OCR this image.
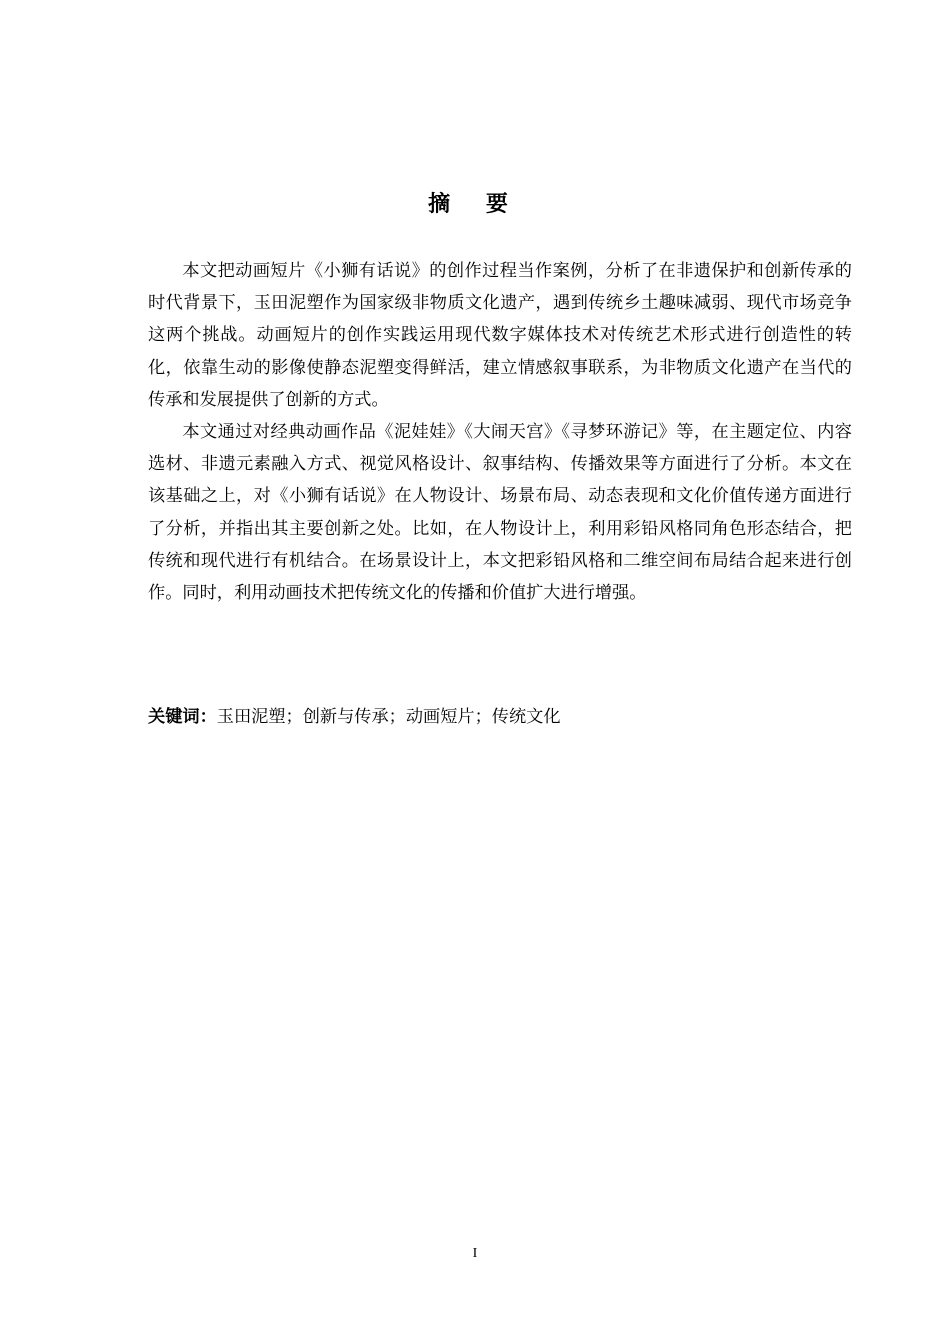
摘 要

本文把动画短片《小狮有话说》的创作过程当作案例，分析了在非遗保护和创新传承的时代背景下，玉田泥塑作为国家级非物质文化遗产，遇到传统乡土趣味减弱、现代市场竞争这两个挑战。动画短片的创作实践运用现代数字媒体技术对传统艺术形式进行创造性的转化，依靠生动的影像使静态泥塑变得鲜活，建立情感叙事联系，为非物质文化遗产在当代的传承和发展提供了创新的方式。

本文通过对经典动画作品《泥娃娃》《大闹天宫》《寻梦环游记》等，在主题定位、内容选材、非遗元素融入方式、视觉风格设计、叙事结构、传播效果等方面进行了分析。本文在该基础之上，对《小狮有话说》在人物设计、场景布局、动态表现和文化价值传递方面进行了分析，并指出其主要创新之处。比如，在人物设计上，利用彩铅风格同角色形态结合，把传统和现代进行有机结合。在场景设计上，本文把彩铅风格和二维空间布局结合起来进行创作。同时，利用动画技术把传统文化的传播和价值扩大进行增强。

关键词：玉田泥塑；创新与传承；动画短片；传统文化
I
